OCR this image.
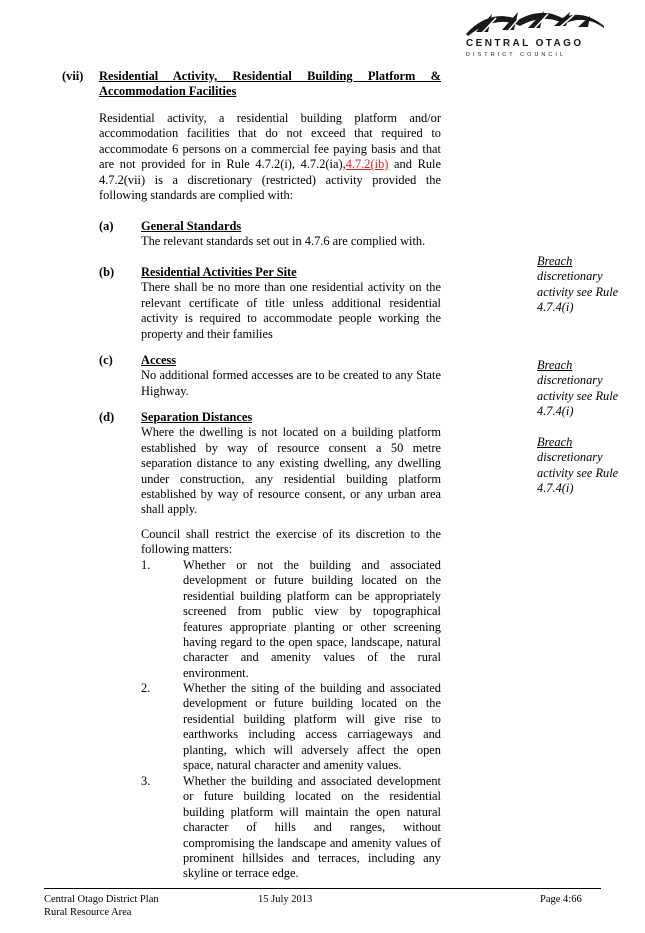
CENTRAL OTAGO
DISTRICT COUNCIL
(vii) Residential Activity, Residential Building Platform &
Accommodation Facilities
Residential activity, a residential building platform and/or accommodation facilities that do not exceed that required to accommodate 6 persons on a commercial fee paying basis and that are not provided for in Rule 4.7.2(i), 4.7.2(ia),4.7.2(ib) and Rule 4.7.2(vii) is a discretionary (restricted) activity provided the following standards are complied with:
(a) General Standards
The relevant standards set out in 4.7.6 are complied with.
(b) Residential Activities Per Site
There shall be no more than one residential activity on the relevant certificate of title unless additional residential activity is required to accommodate people working the property and their families
(c) Access
No additional formed accesses are to be created to any State Highway.
(d) Separation Distances
Where the dwelling is not located on a building platform established by way of resource consent a 50 metre separation distance to any existing dwelling, any dwelling under construction, any residential building platform established by way of resource consent, or any urban area shall apply.
Council shall restrict the exercise of its discretion to the following matters:
1.	Whether or not the building and associated development or future building located on the residential building platform can be appropriately screened from public view by topographical features appropriate planting or other screening having regard to the open space, landscape, natural character and amenity values of the rural environment.
2.	Whether the siting of the building and associated development or future building located on the residential building platform will give rise to earthworks including access carriageways and planting, which will adversely affect the open space, natural character and amenity values.
3.	Whether the building and associated development or future building located on the residential building platform will maintain the open natural character of hills and ranges, without compromising the landscape and amenity values of prominent hillsides and terraces, including any skyline or terrace edge.
Breach
discretionary activity see Rule 4.7.4(i)
Breach
discretionary activity see Rule 4.7.4(i)
Breach
discretionary activity see Rule 4.7.4(i)
Central Otago District Plan
Rural Resource Area
15 July 2013	Page 4:66
